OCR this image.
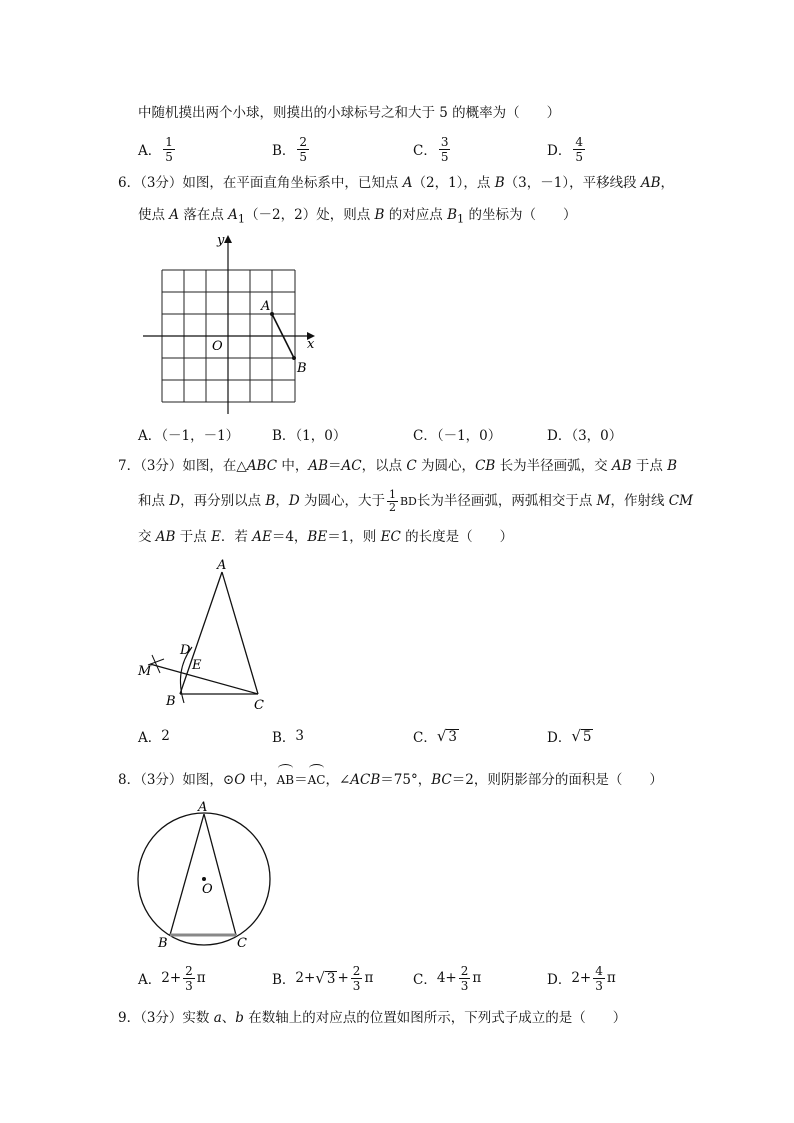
中随机摸出两个小球，则摸出的小球标号之和大于 5 的概率为（　　）
A． $\frac{1}{5}$	B． $\frac{2}{5}$	C． $\frac{3}{5}$	D． $\frac{4}{5}$
6．（3分）如图，在平面直角坐标系中，已知点 A（2，1），点 B（3，－1），平移线段 AB，
使点 A 落在点 $A_1(-2$，2）处，则点 B 的对应点 $B_1$ 的坐标为（　　）
y
x
O
A
B
A．（－1，－1） B．（1，0）	C．（－1，0）	D．（3，0）
7．（3分）如图，在△ABC 中，AB＝AC，以点 C 为圆心，CB 长为半径画弧，交 AB 于点 B
和点 D，再分别以点 B，D 为圆心，大于 $\frac{1}{2}$ BD长为半径画弧，两弧相交于点 M，作射线 CM
交 AB 于点 E．若 AE＝4，BE＝1，则 EC 的长度是（　　）
A
D
E
M
B	C
A． 2	B． 3	C． √ 3	D． √ 5
8．（3分）如图，⊙O 中，AB＝AC，∠ACB＝75°，BC＝2，则阴影部分的面积是（　　）
A
O
B	C
A． $2+ \frac{2}{3}$ π	B． 2+ √ $3 + \frac{2}{3}$ π	C． $4+ \frac{2}{3}$ π	D． $2+ \frac{4}{3}$ π
9．（3分）实数 a、b 在数轴上的对应点的位置如图所示，下列式子成立的是（　　）
